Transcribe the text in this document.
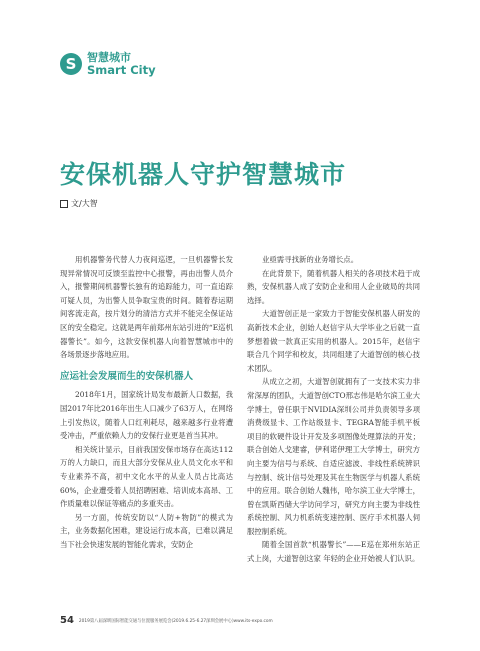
S 智慧城市
Smart City
安保机器人守护智慧城市
文/大智

用机器警务代替人力夜间巡逻，一旦机器警长发现异常情况可反馈至监控中心报警，再由出警人员介入，报警期间机器警长独有的追踪能力，可一直追踪可疑人员，为出警人员争取宝贵的时间。随着春运期间客流走高，按片划分的清洁方式并不能完全保证站区的安全稳定。这就是两年前郑州东站引进的“E巡机器警长”。如今，这款安保机器人向着智慧城市中的各场景逐步落地应用。

应运社会发展而生的安保机器人

2018年1月，国家统计局发布最新人口数据，我国2017年比2016年出生人口减少了63万人，在网络上引发热议，随着人口红利耗尽，越来越多行业将遭受冲击，严重依赖人力的安保行业更是首当其冲。

相关统计显示，目前我国安保市场存在高达112万的人力缺口，而且大部分安保从业人员文化水平和专业素养不高，初中文化水平的从业人员占比高达60%，企业遭受着人员招聘困难、培训成本高昂、工作质量难以保证等痛点的多重夹击。

另一方面，传统安防以“人防+物防”的模式为主，业务数据化困难，建设运行成本高，已难以满足当下社会快速发展的智能化需求，安防企

业亟需寻找新的业务增长点。

在此背景下，随着机器人相关的各项技术趋于成熟，安保机器人成了安防企业和用人企业破局的共同选择。

大道智创正是一家致力于智能安保机器人研发的高新技术企业，创始人赵信宇从大学毕业之后就一直梦想着做一款真正实用的机器人。2015年，赵信宇联合几个同学和校友，共同组建了大道智创的核心技术团队。

从成立之初，大道智创就拥有了一支技术实力非常深厚的团队，大道智创CTO邢志伟是哈尔滨工业大学博士，曾任职于NVIDIA深圳公司并负责领导多项消费级显卡、工作站级显卡、TEGRA智能手机平板项目的软硬件设计开发及多项图像处理算法的开发；联合创始人戈建睿，伊利诺伊理工大学博士，研究方向主要为信号与系统、自适应滤波、非线性系统辨识与控制、统计信号处理及其在生物医学与机器人系统中的应用。联合创始人魏伟，哈尔滨工业大学博士，曾在凯斯西储大学访问学习，研究方向主要为非线性系统控制、风力机系统变速控制、医疗手术机器人伺服控制系统。

随着全国首款“机器警长”——E巡在郑州东站正式上岗，大道智创这家 年轻的企业开始被人们认识。

54 2019第八届深圳国际智能交通与位置服务展览会(2019.6.25-6.27深圳会展中心)www.its-expo.com
